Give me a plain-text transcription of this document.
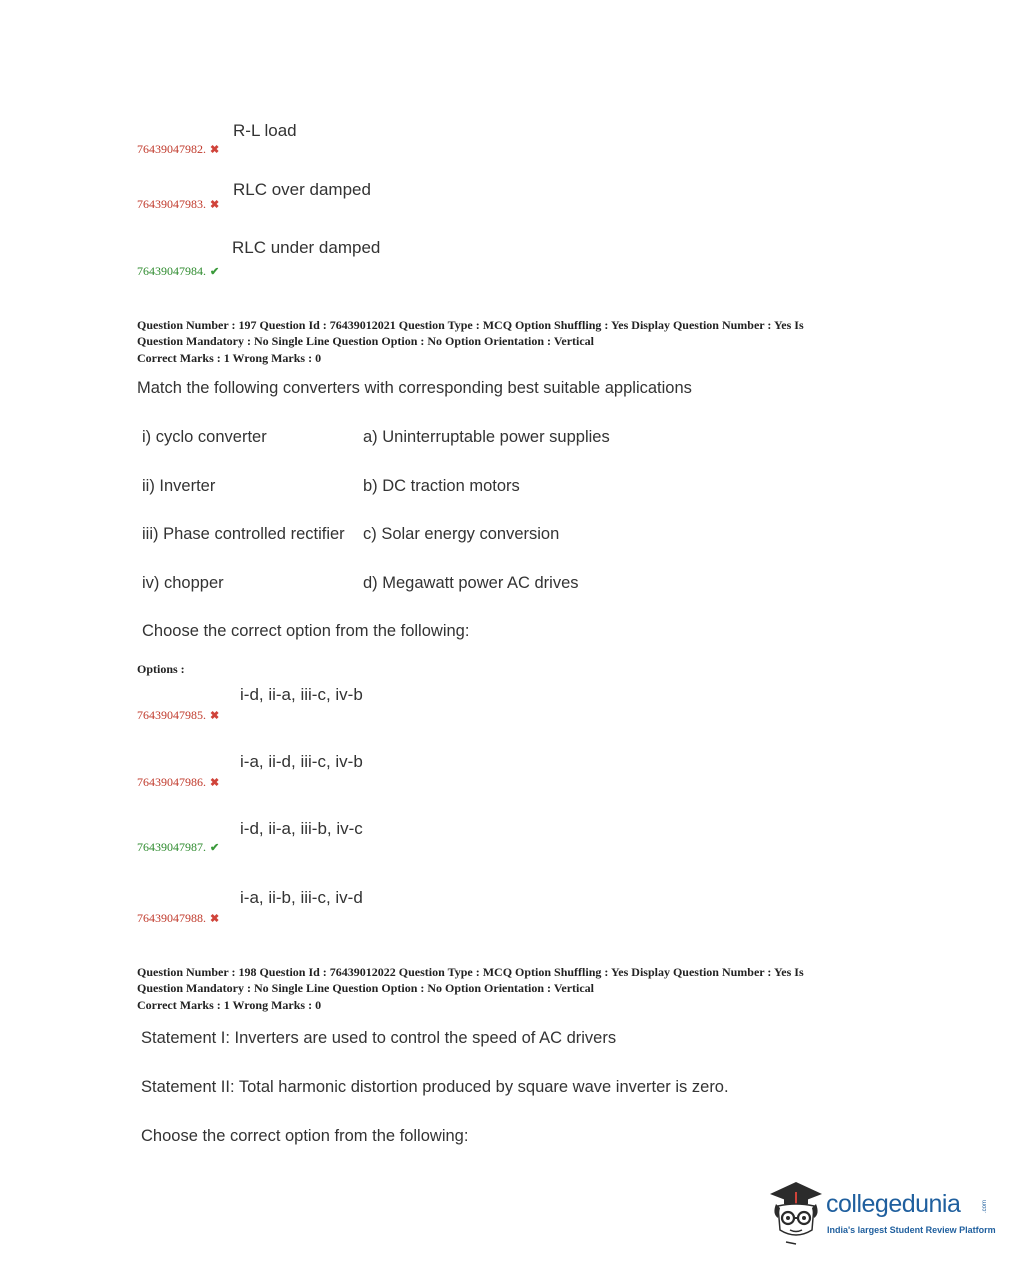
R-L load
76439047982. ✖
RLC over damped
76439047983. ✖
RLC under damped
76439047984. ✔
Question Number : 197 Question Id : 76439012021 Question Type : MCQ Option Shuffling : Yes Display Question Number : Yes Is
Question Mandatory : No Single Line Question Option : No Option Orientation : Vertical
Correct Marks : 1 Wrong Marks : 0
Match the following converters with corresponding best suitable applications
i) cyclo converter	a) Uninterruptable power supplies
ii) Inverter	b) DC traction motors
iii) Phase controlled rectifier c) Solar energy conversion
iv) chopper	d) Megawatt power AC drives
Choose the correct option from the following:
Options :
i-d, ii-a, iii-c, iv-b
76439047985. ✖
i-a, ii-d, iii-c, iv-b
76439047986. ✖
i-d, ii-a, iii-b, iv-c
76439047987. ✔
i-a, ii-b, iii-c, iv-d
76439047988. ✖
Question Number : 198 Question Id : 76439012022 Question Type : MCQ Option Shuffling : Yes Display Question Number : Yes Is
Question Mandatory : No Single Line Question Option : No Option Orientation : Vertical
Correct Marks : 1 Wrong Marks : 0
Statement I: Inverters are used to control the speed of AC drivers
Statement II: Total harmonic distortion produced by square wave inverter is zero.
Choose the correct option from the following:
collegedunia	.com
India's largest Student Review Platform
